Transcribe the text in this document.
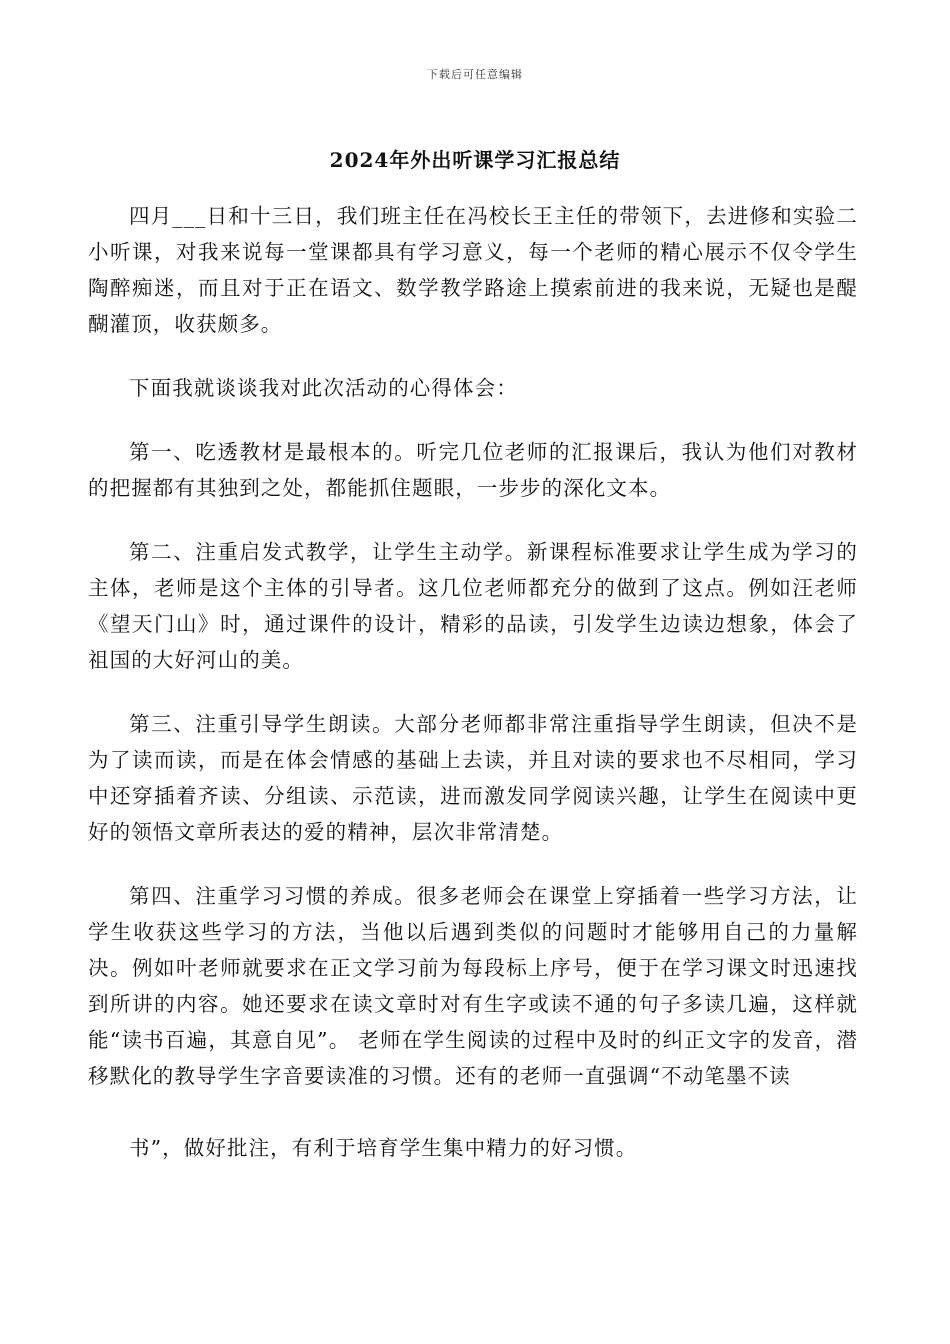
下载后可任意编辑
2024年外出听课学习汇报总结

四月___日和十三日，我们班主任在冯校长王主任的带领下，去进修和实验二小听课，对我来说每一堂课都具有学习意义，每一个老师的精心展示不仅令学生陶醉痴迷，而且对于正在语文、数学教学路途上摸索前进的我来说，无疑也是醍醐灌顶，收获颇多。

下面我就谈谈我对此次活动的心得体会：

第一、吃透教材是最根本的。听完几位老师的汇报课后，我认为他们对教材的把握都有其独到之处，都能抓住题眼，一步步的深化文本。

第二、注重启发式教学，让学生主动学。新课程标准要求让学生成为学习的主体，老师是这个主体的引导者。这几位老师都充分的做到了这点。例如汪老师《望天门山》时，通过课件的设计，精彩的品读，引发学生边读边想象，体会了祖国的大好河山的美。

第三、注重引导学生朗读。大部分老师都非常注重指导学生朗读，但决不是为了读而读，而是在体会情感的基础上去读，并且对读的要求也不尽相同，学习中还穿插着齐读、分组读、示范读，进而激发同学阅读兴趣，让学生在阅读中更好的领悟文章所表达的爱的精神，层次非常清楚。

第四、注重学习习惯的养成。很多老师会在课堂上穿插着一些学习方法，让学生收获这些学习的方法，当他以后遇到类似的问题时才能够用自己的力量解决。例如叶老师就要求在正文学习前为每段标上序号，便于在学习课文时迅速找到所讲的内容。她还要求在读文章时对有生字或读不通的句子多读几遍，这样就能“读书百遍，其意自见”。 老师在学生阅读的过程中及时的纠正文字的发音，潜移默化的教导学生字音要读准的习惯。还有的老师一直强调“不动笔墨不读

书”，做好批注，有利于培育学生集中精力的好习惯。
